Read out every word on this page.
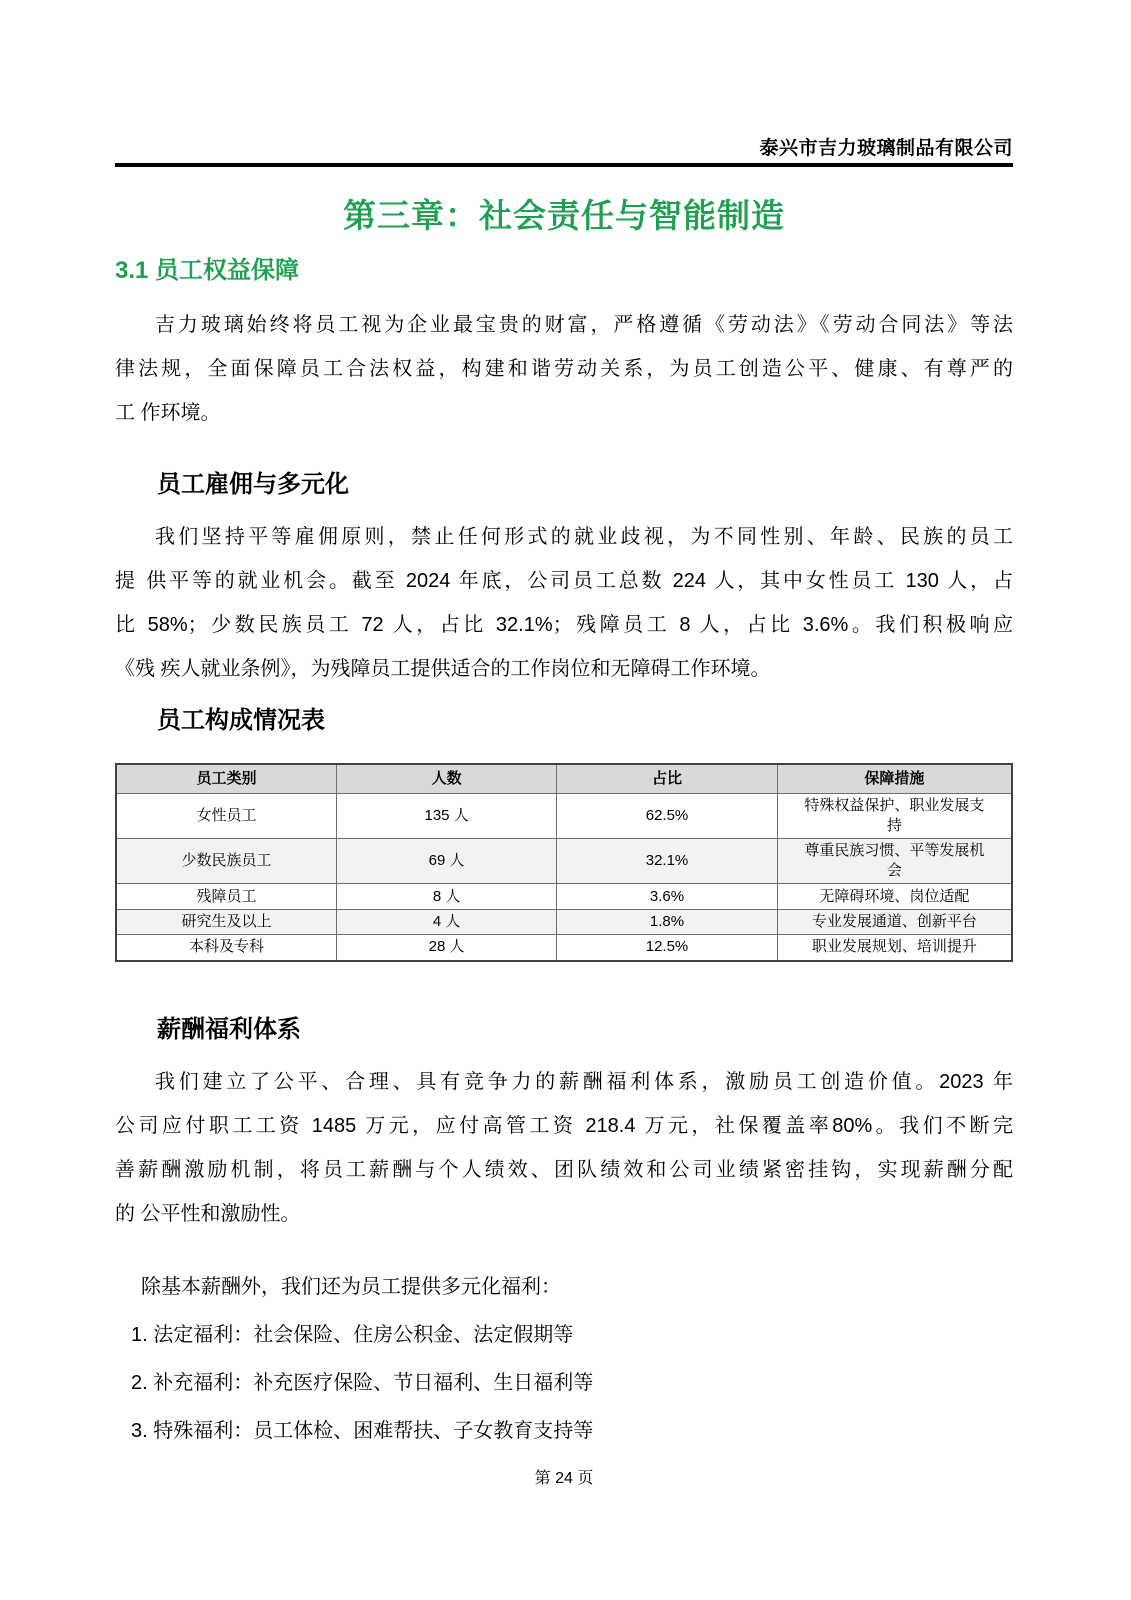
泰兴市吉力玻璃制品有限公司
第三章：社会责任与智能制造
3.1 员工权益保障
吉力玻璃始终将员工视为企业最宝贵的财富，严格遵循《劳动法》《劳动合同法》等法
律法规，全面保障员工合法权益，构建和谐劳动关系，为员工创造公平、健康、有尊严的
工 作环境。
员工雇佣与多元化
我们坚持平等雇佣原则，禁止任何形式的就业歧视，为不同性别、年龄、民族的员工
提 供平等的就业机会。截至 2024 年底，公司员工总数 224 人，其中女性员工 130 人，占
比 58%；少数民族员工 72 人，占比 32.1%；残障员工 8 人，占比 3.6%。我们积极响应
《残 疾人就业条例》，为残障员工提供适合的工作岗位和无障碍工作环境。
员工构成情况表
员工类别	人数	占比	保障措施
女性员工	135 人	62.5%	特殊权益保护、职业发展支持
少数民族员工	69 人	32.1%	尊重民族习惯、平等发展机会
残障员工	8 人	3.6%	无障碍环境、岗位适配
研究生及以上	4 人	1.8%	专业发展通道、创新平台
本科及专科	28 人	12.5%	职业发展规划、培训提升
薪酬福利体系
我们建立了公平、合理、具有竞争力的薪酬福利体系，激励员工创造价值。2023 年
公司应付职工工资 1485 万元，应付高管工资 218.4 万元，社保覆盖率80%。我们不断完
善薪酬激励机制，将员工薪酬与个人绩效、团队绩效和公司业绩紧密挂钩，实现薪酬分配
的 公平性和激励性。
除基本薪酬外，我们还为员工提供多元化福利：
1. 法定福利：社会保险、住房公积金、法定假期等
2. 补充福利：补充医疗保险、节日福利、生日福利等
3. 特殊福利：员工体检、困难帮扶、子女教育支持等
第 24 页
